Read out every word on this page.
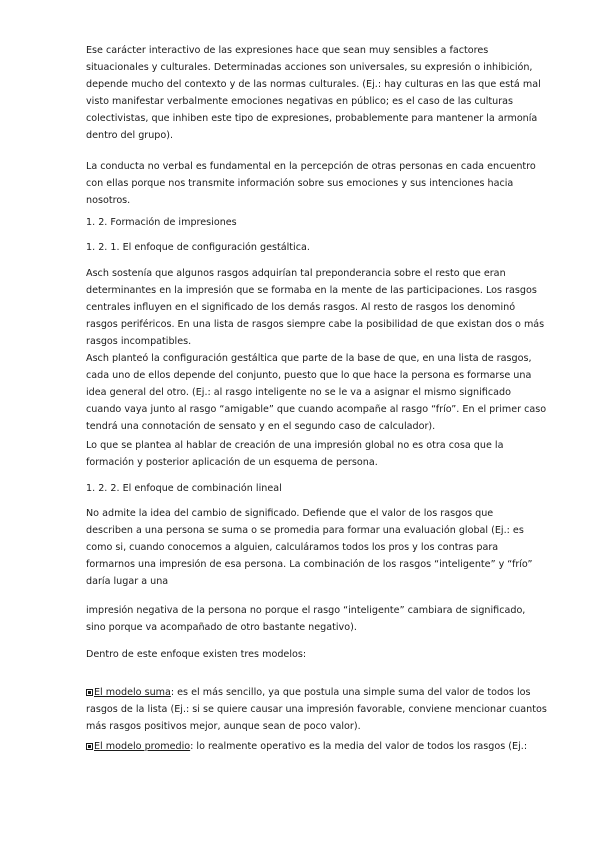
Ese carácter interactivo de las expresiones hace que sean muy sensibles a factores
situacionales y culturales. Determinadas acciones son universales, su expresión o inhibición,
depende mucho del contexto y de las normas culturales. (Ej.: hay culturas en las que está mal
visto manifestar verbalmente emociones negativas en público; es el caso de las culturas
colectivistas, que inhiben este tipo de expresiones, probablemente para mantener la armonía
dentro del grupo).
La conducta no verbal es fundamental en la percepción de otras personas en cada encuentro
con ellas porque nos transmite información sobre sus emociones y sus intenciones hacia
nosotros.
1. 2. Formación de impresiones
1. 2. 1. El enfoque de configuración gestáltica.
Asch sostenía que algunos rasgos adquirían tal preponderancia sobre el resto que eran
determinantes en la impresión que se formaba en la mente de las participaciones. Los rasgos
centrales influyen en el significado de los demás rasgos. Al resto de rasgos los denominó
rasgos periféricos. En una lista de rasgos siempre cabe la posibilidad de que existan dos o más
rasgos incompatibles.
Asch planteó la configuración gestáltica que parte de la base de que, en una lista de rasgos,
cada uno de ellos depende del conjunto, puesto que lo que hace la persona es formarse una
idea general del otro. (Ej.: al rasgo inteligente no se le va a asignar el mismo significado
cuando vaya junto al rasgo “amigable” que cuando acompañe al rasgo “frío”. En el primer caso
tendrá una connotación de sensato y en el segundo caso de calculador).
Lo que se plantea al hablar de creación de una impresión global no es otra cosa que la
formación y posterior aplicación de un esquema de persona.
1. 2. 2. El enfoque de combinación lineal
No admite la idea del cambio de significado. Defiende que el valor de los rasgos que
describen a una persona se suma o se promedia para formar una evaluación global (Ej.: es
como si, cuando conocemos a alguien, calculáramos todos los pros y los contras para
formarnos una impresión de esa persona. La combinación de los rasgos “inteligente” y “frío”
daría lugar a una
impresión negativa de la persona no porque el rasgo “inteligente” cambiara de significado,
sino porque va acompañado de otro bastante negativo).
Dentro de este enfoque existen tres modelos:
El modelo suma: es el más sencillo, ya que postula una simple suma del valor de todos los
rasgos de la lista (Ej.: si se quiere causar una impresión favorable, conviene mencionar cuantos
más rasgos positivos mejor, aunque sean de poco valor).
El modelo promedio: lo realmente operativo es la media del valor de todos los rasgos (Ej.:
